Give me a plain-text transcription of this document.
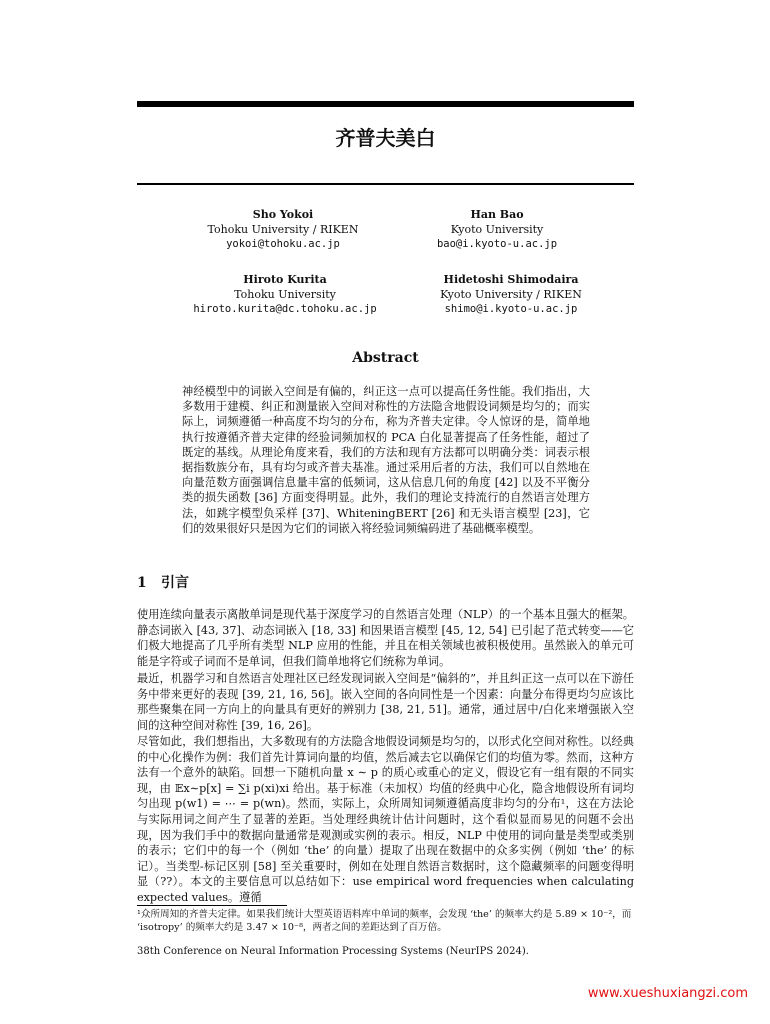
齐普夫美白
Sho Yokoi
Tohoku University / RIKEN
yokoi@tohoku.ac.jp
Han Bao
Kyoto University
bao@i.kyoto-u.ac.jp
Hiroto Kurita
Tohoku University
hiroto.kurita@dc.tohoku.ac.jp
Hidetoshi Shimodaira
Kyoto University / RIKEN
shimo@i.kyoto-u.ac.jp
Abstract
神经模型中的词嵌入空间是有偏的，纠正这一点可以提高任务性能。我们指出，大多数用于建模、纠正和测量嵌入空间对称性的方法隐含地假设词频是均匀的；而实际上，词频遵循一种高度不均匀的分布，称为齐普夫定律。令人惊讶的是，简单地执行按遵循齐普夫定律的经验词频加权的 PCA 白化显著提高了任务性能，超过了既定的基线。从理论角度来看，我们的方法和现有方法都可以明确分类：词表示根据指数族分布，具有均匀或齐普夫基准。通过采用后者的方法，我们可以自然地在向量范数方面强调信息量丰富的低频词，这从信息几何的角度 [42] 以及不平衡分类的损失函数 [36] 方面变得明显。此外，我们的理论支持流行的自然语言处理方法，如跳字模型负采样 [37]、WhiteningBERT [26] 和无头语言模型 [23]，它们的效果很好只是因为它们的词嵌入将经验词频编码进了基础概率模型。
1 引言
使用连续向量表示离散单词是现代基于深度学习的自然语言处理（NLP）的一个基本且强大的框架。静态词嵌入 [43, 37]、动态词嵌入 [18, 33] 和因果语言模型 [45, 12, 54] 已引起了范式转变——它们极大地提高了几乎所有类型 NLP 应用的性能，并且在相关领域也被积极使用。虽然嵌入的单元可能是字符或子词而不是单词，但我们简单地将它们统称为单词。
最近，机器学习和自然语言处理社区已经发现词嵌入空间是“偏斜的”，并且纠正这一点可以在下游任务中带来更好的表现 [39, 21, 16, 56]。嵌入空间的各向同性是一个因素：向量分布得更均匀应该比那些聚集在同一方向上的向量具有更好的辨别力 [38, 21, 51]。通常，通过居中/白化来增强嵌入空间的这种空间对称性 [39, 16, 26]。
尽管如此，我们想指出，大多数现有的方法隐含地假设词频是均匀的，以形式化空间对称性。以经典的中心化操作为例：我们首先计算词向量的均值，然后减去它以确保它们的均值为零。然而，这种方法有一个意外的缺陷。回想一下随机向量 x ∼ p 的质心或重心的定义，假设它有一组有限的不同实现，由 𝔼x∼p[x] = ∑i p(xi)xi 给出。基于标准（未加权）均值的经典中心化，隐含地假设所有词均匀出现 p(w1) = ⋯ = p(wn)。然而，实际上，众所周知词频遵循高度非均匀的分布¹，这在方法论与实际用词之间产生了显著的差距。当处理经典统计估计问题时，这个看似显而易见的问题不会出现，因为我们手中的数据向量通常是观测或实例的表示。相反，NLP 中使用的词向量是类型或类别的表示；它们中的每一个（例如 ‘the’ 的向量）提取了出现在数据中的众多实例（例如 ‘the’ 的标记）。当类型-标记区别 [58] 至关重要时，例如在处理自然语言数据时，这个隐藏频率的问题变得明显（??）。本文的主要信息可以总结如下：use empirical word frequencies when calculating expected values。遵循
¹众所周知的齐普夫定律。如果我们统计大型英语语料库中单词的频率，会发现 ‘the’ 的频率大约是 5.89 × 10⁻²，而 ‘isotropy’ 的频率大约是 3.47 × 10⁻⁸，两者之间的差距达到了百万倍。
38th Conference on Neural Information Processing Systems (NeurIPS 2024).
www.xueshuxiangzi.com
